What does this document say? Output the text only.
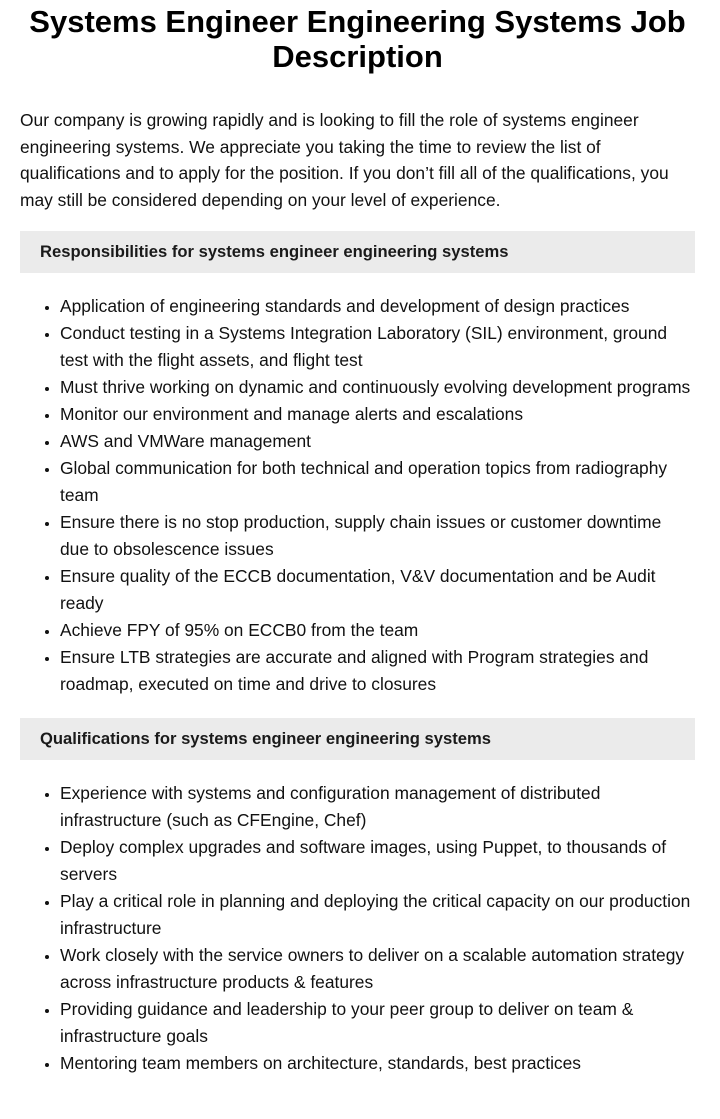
Systems Engineer Engineering Systems Job Description

Our company is growing rapidly and is looking to fill the role of systems engineer engineering systems. We appreciate you taking the time to review the list of qualifications and to apply for the position. If you don’t fill all of the qualifications, you may still be considered depending on your level of experience.

Responsibilities for systems engineer engineering systems
• Application of engineering standards and development of design practices
• Conduct testing in a Systems Integration Laboratory (SIL) environment, ground test with the flight assets, and flight test
• Must thrive working on dynamic and continuously evolving development programs
• Monitor our environment and manage alerts and escalations
• AWS and VMWare management
• Global communication for both technical and operation topics from radiography team
• Ensure there is no stop production, supply chain issues or customer downtime due to obsolescence issues
• Ensure quality of the ECCB documentation, V&V documentation and be Audit ready
• Achieve FPY of 95% on ECCB0 from the team
• Ensure LTB strategies are accurate and aligned with Program strategies and roadmap, executed on time and drive to closures
Qualifications for systems engineer engineering systems
• Experience with systems and configuration management of distributed infrastructure (such as CFEngine, Chef)
• Deploy complex upgrades and software images, using Puppet, to thousands of servers
• Play a critical role in planning and deploying the critical capacity on our production infrastructure
• Work closely with the service owners to deliver on a scalable automation strategy across infrastructure products & features
• Providing guidance and leadership to your peer group to deliver on team & infrastructure goals
• Mentoring team members on architecture, standards, best practices
